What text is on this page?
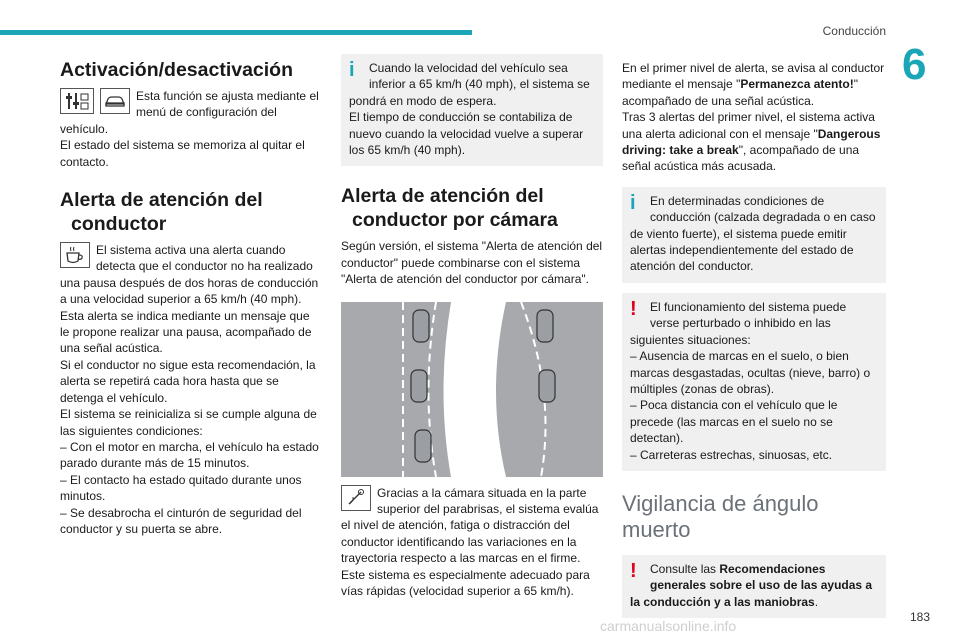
Conducción
6
Activación/desactivación

Esta función se ajusta mediante el menú de configuración del vehículo.

El estado del sistema se memoriza al quitar el contacto.

Alerta de atención del
conductor

El sistema activa una alerta cuando detecta que el conductor no ha realizado una pausa después de dos horas de conducción a una velocidad superior a 65 km/h (40 mph).

Esta alerta se indica mediante un mensaje que le propone realizar una pausa, acompañado de una señal acústica.

Si el conductor no sigue esta recomendación, la alerta se repetirá cada hora hasta que se detenga el vehículo.

El sistema se reinicializa si se cumple alguna de las siguientes condiciones:

– Con el motor en marcha, el vehículo ha estado parado durante más de 15 minutos.

– El contacto ha estado quitado durante unos minutos.

– Se desabrocha el cinturón de seguridad del conductor y su puerta se abre.

i	Cuando la velocidad del vehículo sea inferior a 65 km/h (40 mph), el sistema se pondrá en modo de espera.

El tiempo de conducción se contabiliza de nuevo cuando la velocidad vuelve a superar los 65 km/h (40 mph).

Alerta de atención del
conductor por cámara

Según versión, el sistema "Alerta de atención del conductor" puede combinarse con el sistema "Alerta de atención del conductor por cámara".

Gracias a la cámara situada en la parte superior del parabrisas, el sistema evalúa el nivel de atención, fatiga o distracción del conductor identificando las variaciones en la trayectoria respecto a las marcas en el firme. Este sistema es especialmente adecuado para vías rápidas (velocidad superior a 65 km/h).

En el primer nivel de alerta, se avisa al conductor mediante el mensaje "Permanezca atento!" acompañado de una señal acústica.

Tras 3 alertas del primer nivel, el sistema activa una alerta adicional con el mensaje "Dangerous driving: take a break", acompañado de una señal acústica más acusada.

i	En determinadas condiciones de conducción (calzada degradada o en caso de viento fuerte), el sistema puede emitir alertas independientemente del estado de atención del conductor.

!	El funcionamiento del sistema puede verse perturbado o inhibido en las siguientes situaciones:

– Ausencia de marcas en el suelo, o bien marcas desgastadas, ocultas (nieve, barro) o múltiples (zonas de obras).

– Poca distancia con el vehículo que le precede (las marcas en el suelo no se detectan).

– Carreteras estrechas, sinuosas, etc.

Vigilancia de ángulo
muerto
!	Consulte las Recomendaciones generales sobre el uso de las ayudas a la conducción y a las maniobras.

183
carmanualsonline.info
